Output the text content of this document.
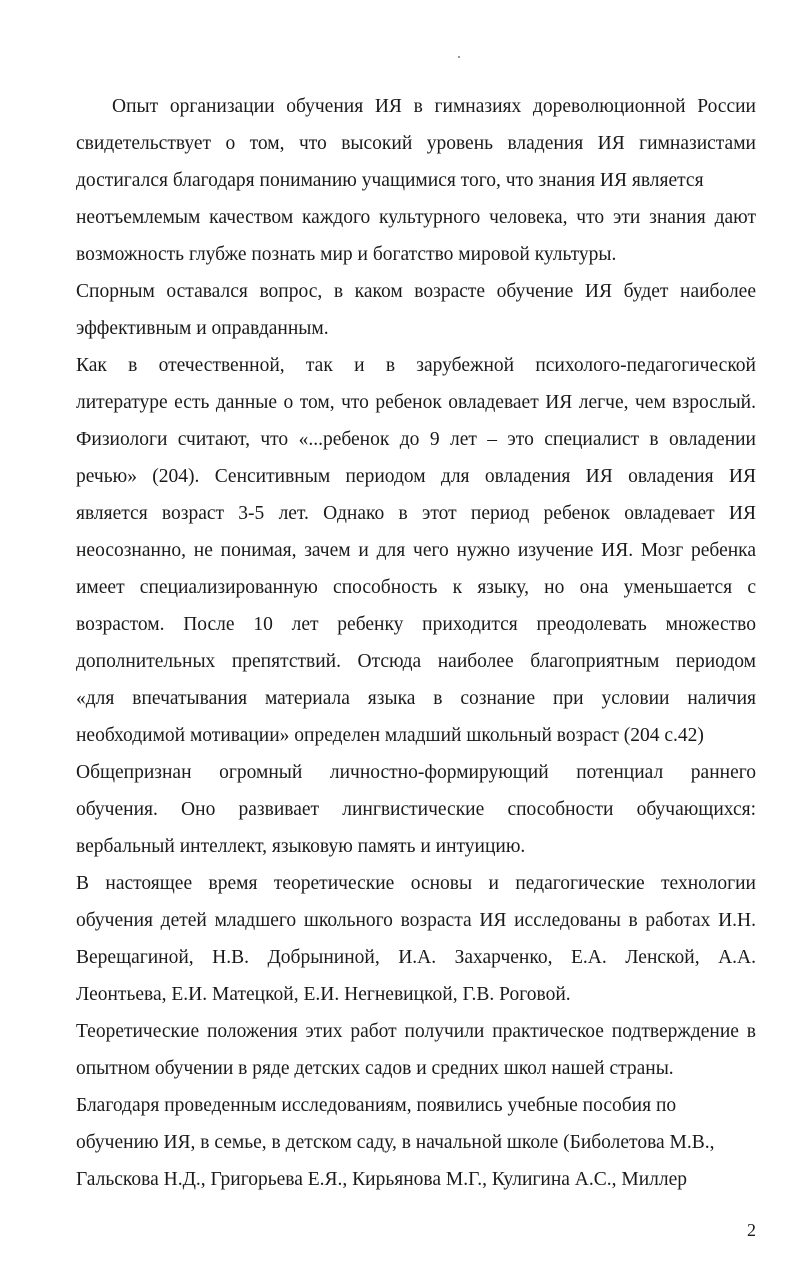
Опыт организации обучения ИЯ в гимназиях дореволюционной России
свидетельствует о том, что высокий уровень владения ИЯ гимназистами
достигался благодаря пониманию учащимися того, что знания ИЯ является
неотъемлемым качеством каждого культурного человека, что эти знания дают
возможность глубже познать мир и богатство мировой культуры.
Спорным оставался вопрос, в каком возрасте обучение ИЯ будет наиболее
эффективным и оправданным.
Как в отечественной, так и в зарубежной психолого-педагогической
литературе есть данные о том, что ребенок овладевает ИЯ легче, чем взрослый.
Физиологи считают, что «...ребенок до 9 лет – это специалист в овладении
речью» (204). Сенситивным периодом для овладения ИЯ овладения ИЯ
является возраст 3-5 лет. Однако в этот период ребенок овладевает ИЯ
неосознанно, не понимая, зачем и для чего нужно изучение ИЯ. Мозг ребенка
имеет специализированную способность к языку, но она уменьшается с
возрастом. После 10 лет ребенку приходится преодолевать множество
дополнительных препятствий. Отсюда наиболее благоприятным периодом
«для впечатывания материала языка в сознание при условии наличия
необходимой мотивации» определен младший школьный возраст (204 с.42)
Общепризнан огромный личностно-формирующий потенциал раннего
обучения. Оно развивает лингвистические способности обучающихся:
вербальный интеллект, языковую память и интуицию.
В настоящее время теоретические основы и педагогические технологии
обучения детей младшего школьного возраста ИЯ исследованы в работах И.Н.
Верещагиной, Н.В. Добрыниной, И.А. Захарченко, Е.А. Ленской, А.А.
Леонтьева, Е.И. Матецкой, Е.И. Негневицкой, Г.В. Роговой.
Теоретические положения этих работ получили практическое подтверждение в
опытном обучении в ряде детских садов и средних школ нашей страны.
Благодаря проведенным исследованиям, появились учебные пособия по
обучению ИЯ, в семье, в детском саду, в начальной школе (Биболетова М.В.,
Гальскова Н.Д., Григорьева Е.Я., Кирьянова М.Г., Кулигина А.С., Миллер
2
